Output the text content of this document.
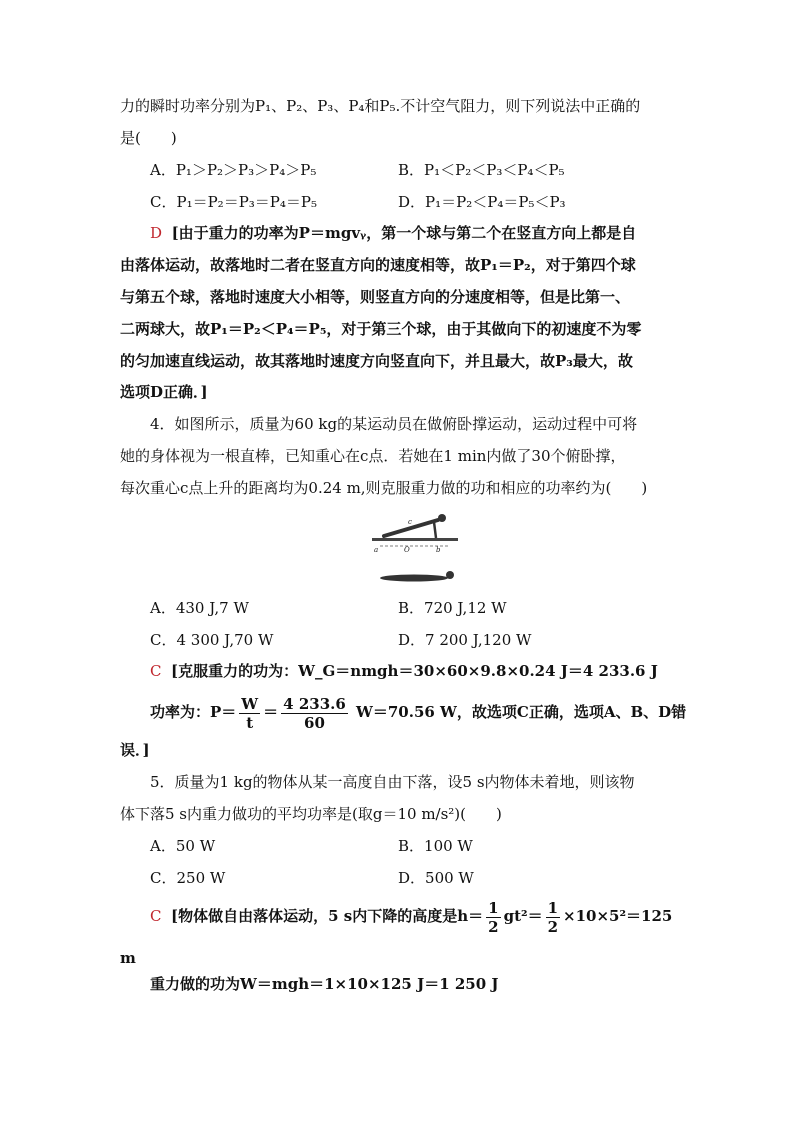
力的瞬时功率分别为P₁、P₂、P₃、P₄和P₅.不计空气阻力，则下列说法中正确的
是(　　)
A．P₁＞P₂＞P₃＞P₄＞P₅	B．P₁＜P₂＜P₃＜P₄＜P₅
C．P₁＝P₂＝P₃＝P₄＝P₅	D．P₁＝P₂＜P₄＝P₅＜P₃
D [由于重力的功率为P＝mgvᵧ，第一个球与第二个在竖直方向上都是自
由落体运动，故落地时二者在竖直方向的速度相等，故P₁＝P₂，对于第四个球
与第五个球，落地时速度大小相等，则竖直方向的分速度相等，但是比第一、
二两球大，故P₁＝P₂＜P₄＝P₅，对于第三个球，由于其做向下的初速度不为零
的匀加速直线运动，故其落地时速度方向竖直向下，并且最大，故P₃最大，故
选项D正确．]
4．如图所示，质量为60 kg的某运动员在做俯卧撑运动，运动过程中可将
她的身体视为一根直棒，已知重心在c点．若她在1 min内做了30个俯卧撑，
每次重心c点上升的距离均为0.24 m,则克服重力做的功和相应的功率约为(　　)
c
a	O	b
A．430 J,7 W	B．720 J,12 W
C．4 300 J,70 W	D．7 200 J,120 W
C [克服重力的功为：W_G＝nmgh＝30×60×9.8×0.24 J＝4 233.6 J
功率为：$P= \frac{W}{t} = \frac{4 233.6}{60} W=70.56$ W，故选项C正确，选项A、B、D错
误．]
5．质量为1 kg的物体从某一高度自由下落，设5 s内物体未着地，则该物
体下落5 s内重力做功的平均功率是(取g＝10 m/s²)(　　)
A．50 W	B．100 W
C．250 W	D．500 W
C [物体做自由落体运动，5 s内下降的高度是$h= \frac{1}{2} gt^2= \frac{1}{2} \times 10\times 5^2=125$
m
重力做的功为W＝mgh＝1×10×125 J＝1 250 J
